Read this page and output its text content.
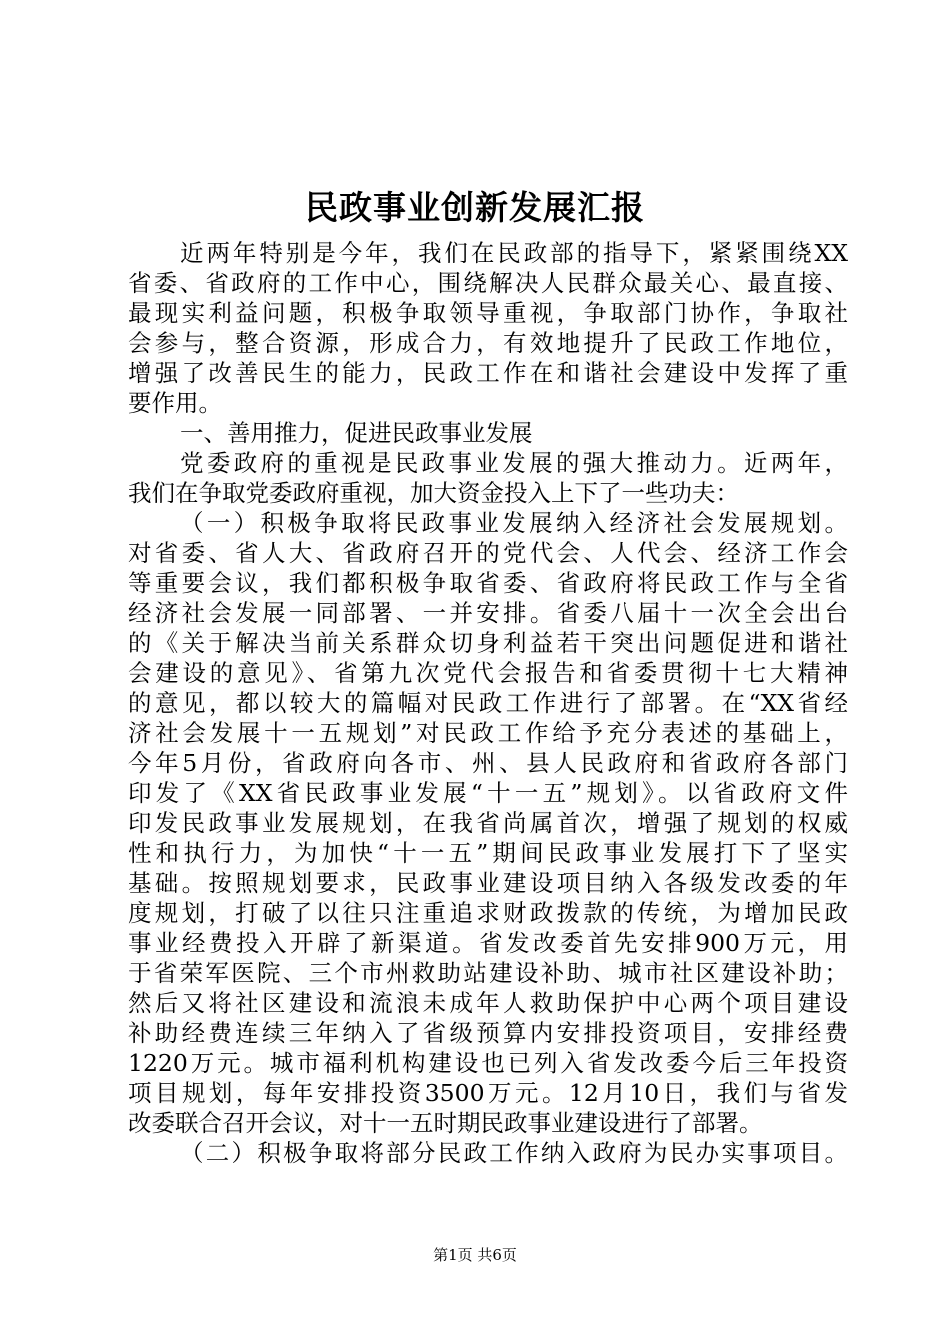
民政事业创新发展汇报
近两年特别是今年，我们在民政部的指导下，紧紧围绕XX
省委、省政府的工作中心，围绕解决人民群众最关心、最直接、
最现实利益问题，积极争取领导重视，争取部门协作，争取社
会参与，整合资源，形成合力，有效地提升了民政工作地位，
增强了改善民生的能力，民政工作在和谐社会建设中发挥了重
要作用。
一、善用推力，促进民政事业发展
党委政府的重视是民政事业发展的强大推动力。近两年，
我们在争取党委政府重视，加大资金投入上下了一些功夫：
（一）积极争取将民政事业发展纳入经济社会发展规划。
对省委、省人大、省政府召开的党代会、人代会、经济工作会
等重要会议，我们都积极争取省委、省政府将民政工作与全省
经济社会发展一同部署、一并安排。省委八届十一次全会出台
的《关于解决当前关系群众切身利益若干突出问题促进和谐社
会建设的意见》、省第九次党代会报告和省委贯彻十七大精神
的意见，都以较大的篇幅对民政工作进行了部署。在“XX省经
济社会发展十一五规划”对民政工作给予充分表述的基础上，
今年5月份，省政府向各市、州、县人民政府和省政府各部门
印发了《XX省民政事业发展“十一五”规划》。以省政府文件
印发民政事业发展规划，在我省尚属首次，增强了规划的权威
性和执行力，为加快“十一五”期间民政事业发展打下了坚实
基础。按照规划要求，民政事业建设项目纳入各级发改委的年
度规划，打破了以往只注重追求财政拨款的传统，为增加民政
事业经费投入开辟了新渠道。省发改委首先安排900万元，用
于省荣军医院、三个市州救助站建设补助、城市社区建设补助；
然后又将社区建设和流浪未成年人救助保护中心两个项目建设
补助经费连续三年纳入了省级预算内安排投资项目，安排经费
1220万元。城市福利机构建设也已列入省发改委今后三年投资
项目规划，每年安排投资3500万元。12月10日，我们与省发
改委联合召开会议，对十一五时期民政事业建设进行了部署。
（二）积极争取将部分民政工作纳入政府为民办实事项目。
第1页 共6页
